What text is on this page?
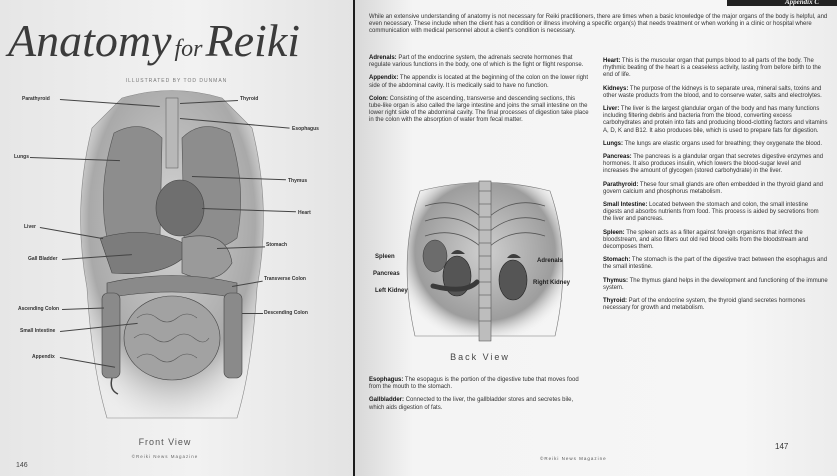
Anatomy forReiki
ILLUSTRATED BY TOD DUNMAN
Parathyroid	Thyroid
Esophagus
Lungs
Thymus
Heart
Liver
Stomach
Gall Bladder
Transverse Colon
Ascending Colon
Descending Colon
Small Intestine
Appendix
Front View
©Reiki News Magazine
146
Appendix C
While an extensive understanding of anatomy is not necessary for Reiki practitioners, there are times when a basic knowledge of the major organs of the body is helpful, and even necessary. These include when the client has a condition or illness involving a specific organ(s) that needs treatment or when working in a clinic or hospital where communication with medical personnel about a client's condition is necessary.
Adrenals: Part of the endocrine system, the adrenals secrete hormones that regulate various functions in the body, one of which is the fight or flight response.
Appendix: The appendix is located at the beginning of the colon on the lower right side of the abdominal cavity. It is medically said to have no function.
Colon: Consisting of the ascending, transverse and descending sections, this tube-like organ is also called the large intestine and joins the small intestine on the lower right side of the abdominal cavity. The final processes of digestion take place in the colon with the absorption of water from fecal matter.
Spleen
Pancreas
Left Kidney
Adrenals
Right Kidney
Back View
Esophagus: The esopagus is the portion of the digestive tube that moves food from the mouth to the stomach.
Gallbladder: Connected to the liver, the gallbladder stores and secretes bile, which aids digestion of fats.
Heart: This is the muscular organ that pumps blood to all parts of the body. The rhythmic beating of the heart is a ceaseless activity, lasting from before birth to the end of life.
Kidneys: The purpose of the kidneys is to separate urea, mineral salts, toxins and other waste products from the blood, and to conserve water, salts and electrolytes.
Liver: The liver is the largest glandular organ of the body and has many functions including filtering debris and bacteria from the blood, converting excess carbohydrates and protein into fats and producing blood-clotting factors and vitamins A, D, K and B12. It also produces bile, which is used to prepare fats for digestion.
Lungs: The lungs are elastic organs used for breathing; they oxygenate the blood.
Pancreas: The pancreas is a glandular organ that secretes digestive enzymes and hormones. It also produces insulin, which lowers the blood-sugar level and increases the amount of glycogen (stored carbohydrate) in the liver.
Parathyroid: These four small glands are often embedded in the thyroid gland and govern calcium and phosphorus metabolism.
Small Intestine: Located between the stomach and colon, the small intestine digests and absorbs nutrients from food. This process is aided by secretions from the liver and pancreas.
Spleen: The spleen acts as a filter against foreign organisms that infect the bloodstream, and also filters out old red blood cells from the bloodstream and decomposes them.
Stomach: The stomach is the part of the digestive tract between the esophagus and the small intestine.
Thymus: The thymus gland helps in the development and functioning of the immune system.
Thyroid: Part of the endocrine system, the thyroid gland secretes hormones necessary for growth and metabolism.
©Reiki News Magazine
147
